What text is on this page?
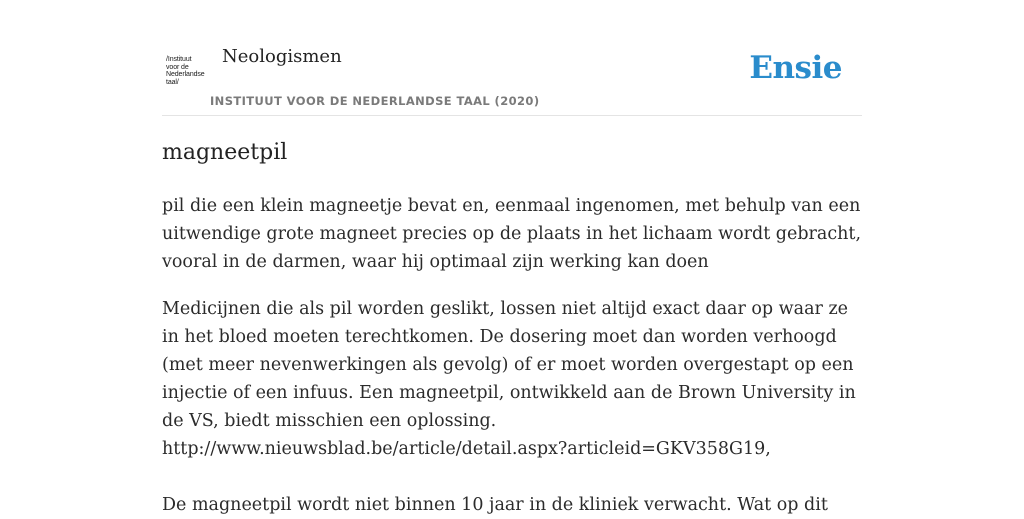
/Instituut
voor de
Nederlandse
taal/
Neologismen
INSTITUUT VOOR DE NEDERLANDSE TAAL (2020)
Ensie
magneetpil

pil die een klein magneetje bevat en, eenmaal ingenomen, met behulp van een uitwendige grote magneet precies op de plaats in het lichaam wordt gebracht, vooral in de darmen, waar hij optimaal zijn werking kan doen

Medicijnen die als pil worden geslikt, lossen niet altijd exact daar op waar ze in het bloed moeten terechtkomen. De dosering moet dan worden verhoogd (met meer nevenwerkingen als gevolg) of er moet worden overgestapt op een injectie of een infuus. Een magneetpil, ontwikkeld aan de Brown University in de VS, biedt misschien een oplossing.
http://www.nieuwsblad.be/article/detail.aspx?articleid=GKV358G19,

De magneetpil wordt niet binnen 10 jaar in de kliniek verwacht. Wat op dit
